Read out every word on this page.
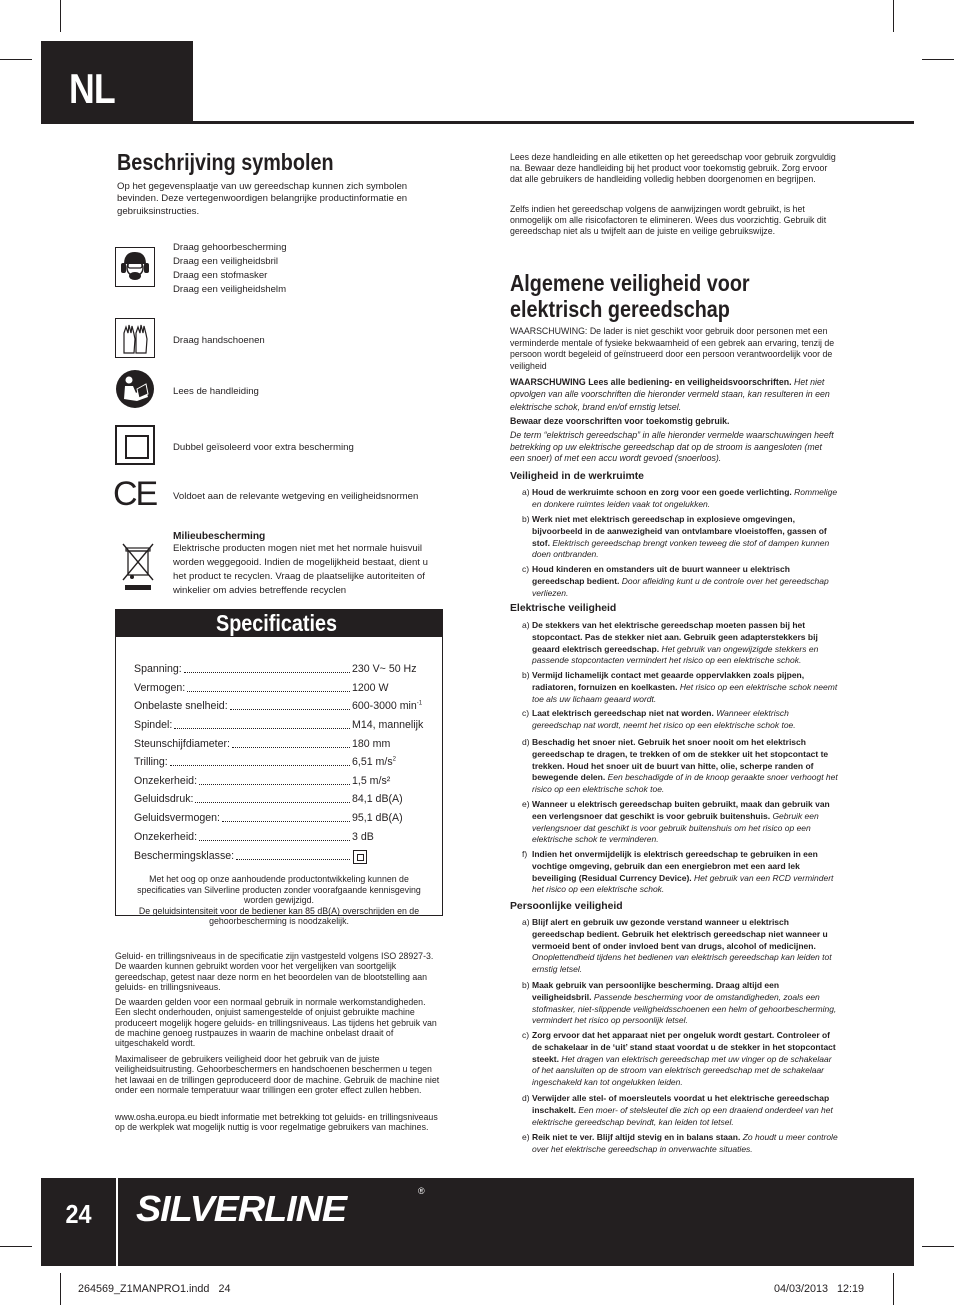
NL
Beschrijving symbolen
Op het gegevensplaatje van uw gereedschap kunnen zich symbolen bevinden. Deze vertegenwoordigen belangrijke productinformatie en gebruiksinstructies.
Draag gehoorbescherming
Draag een veiligheidsbril
Draag een stofmasker
Draag een veiligheidshelm
Draag handschoenen
Lees de handleiding
Dubbel geïsoleerd voor extra bescherming
CE Voldoet aan de relevante wetgeving en veiligheidsnormen
Milieubescherming
Elektrische producten mogen niet met het normale huisvuil worden weggegooid. Indien de mogelijkheid bestaat, dient u het product te recyclen. Vraag de plaatselijke autoriteiten of winkelier om advies betreffende recyclen
Specificaties
Spanning:	230 V~ 50 Hz
Vermogen:	1200 W
Onbelaste snelheid:	600-3000 $\min^{-1}$
Spindel:	M14, mannelijk
Steunschijfdiameter:	180 mm
Trilling:	6,51 $m/s^2$
Onzekerheid:	1,5 m/s²
Geluidsdruk:	84,1 dB(A)
Geluidsvermogen:	95,1 dB(A)
Onzekerheid:	3 dB
Beschermingsklasse:
Met het oog op onze aanhoudende productontwikkeling kunnen de specificaties van Silverline producten zonder voorafgaande kennisgeving worden gewijzigd.
De geluidsintensiteit voor de bediener kan 85 dB(A) overschrijden en de gehoorbescherming is noodzakelijk.
Geluid- en trillingsniveaus in de specificatie zijn vastgesteld volgens ISO 28927-3. De waarden kunnen gebruikt worden voor het vergelijken van soortgelijk gereedschap, getest naar deze norm en het beoordelen van de blootstelling aan geluids- en trillingsniveaus.
De waarden gelden voor een normaal gebruik in normale werkomstandigheden. Een slecht onderhouden, onjuist samengestelde of onjuist gebruikte machine produceert mogelijk hogere geluids- en trillingsniveaus. Las tijdens het gebruik van de machine genoeg rustpauzes in waarin de machine onbelast draait of uitgeschakeld wordt.
Maximaliseer de gebruikers veiligheid door het gebruik van de juiste veiligheidsuitrusting. Gehoorbeschermers en handschoenen beschermen u tegen het lawaai en de trillingen geproduceerd door de machine. Gebruik de machine niet onder een normale temperatuur waar trillingen een groter effect zullen hebben.
www.osha.europa.eu biedt informatie met betrekking tot geluids- en trillingsniveaus op de werkplek wat mogelijk nuttig is voor regelmatige gebruikers van machines.
Lees deze handleiding en alle etiketten op het gereedschap voor gebruik zorgvuldig na. Bewaar deze handleiding bij het product voor toekomstig gebruik. Zorg ervoor dat alle gebruikers de handleiding volledig hebben doorgenomen en begrijpen.
Zelfs indien het gereedschap volgens de aanwijzingen wordt gebruikt, is het onmogelijk om alle risicofactoren te elimineren. Wees dus voorzichtig. Gebruik dit gereedschap niet als u twijfelt aan de juiste en veilige gebruikswijze.
Algemene veiligheid voor elektrisch gereedschap
WAARSCHUWING: De lader is niet geschikt voor gebruik door personen met een verminderde mentale of fysieke bekwaamheid of een gebrek aan ervaring, tenzij de persoon wordt begeleid of geïnstrueerd door een persoon verantwoordelijk voor de veiligheid
WAARSCHUWING Lees alle bediening- en veiligheidsvoorschriften. Het niet opvolgen van alle voorschriften die hieronder vermeld staan, kan resulteren in een elektrische schok, brand en/of ernstig letsel.
Bewaar deze voorschriften voor toekomstig gebruik.
De term “elektrisch gereedschap” in alle hieronder vermelde waarschuwingen heeft betrekking op uw elektrische gereedschap dat op de stroom is aangesloten (met een snoer) of met een accu wordt gevoed (snoerloos).
Veiligheid in de werkruimte
a) Houd de werkruimte schoon en zorg voor een goede verlichting. Rommelige en donkere ruimtes leiden vaak tot ongelukken.
b) Werk niet met elektrisch gereedschap in explosieve omgevingen, bijvoorbeeld in de aanwezigheid van ontvlambare vloeistoffen, gassen of stof. Elektrisch gereedschap brengt vonken teweeg die stof of dampen kunnen doen ontbranden.
c) Houd kinderen en omstanders uit de buurt wanneer u elektrisch gereedschap bedient. Door afleiding kunt u de controle over het gereedschap verliezen.
Elektrische veiligheid
a) De stekkers van het elektrische gereedschap moeten passen bij het stopcontact. Pas de stekker niet aan. Gebruik geen adapterstekkers bij geaard elektrisch gereedschap. Het gebruik van ongewijzigde stekkers en passende stopcontacten vermindert het risico op een elektrische schok.
b) Vermijd lichamelijk contact met geaarde oppervlakken zoals pijpen, radiatoren, fornuizen en koelkasten. Het risico op een elektrische schok neemt toe als uw lichaam geaard wordt.
c) Laat elektrisch gereedschap niet nat worden. Wanneer elektrisch gereedschap nat wordt, neemt het risico op een elektrische schok toe.
d) Beschadig het snoer niet. Gebruik het snoer nooit om het elektrisch gereedschap te dragen, te trekken of om de stekker uit het stopcontact te trekken. Houd het snoer uit de buurt van hitte, olie, scherpe randen of bewegende delen. Een beschadigde of in de knoop geraakte snoer verhoogt het risico op een elektrische schok toe.
e) Wanneer u elektrisch gereedschap buiten gebruikt, maak dan gebruik van een verlengsnoer dat geschikt is voor gebruik buitenshuis. Gebruik een verlengsnoer dat geschikt is voor gebruik buitenshuis om het risico op een elektrische schok te verminderen.
f) Indien het onvermijdelijk is elektrisch gereedschap te gebruiken in een vochtige omgeving, gebruik dan een energiebron met een aard lek beveiliging (Residual Currency Device). Het gebruik van een RCD vermindert het risico op een elektrische schok.
Persoonlijke veiligheid
a) Blijf alert en gebruik uw gezonde verstand wanneer u elektrisch gereedschap bedient. Gebruik het elektrisch gereedschap niet wanneer u vermoeid bent of onder invloed bent van drugs, alcohol of medicijnen. Onoplettendheid tijdens het bedienen van elektrisch gereedschap kan leiden tot ernstig letsel.
b) Maak gebruik van persoonlijke bescherming. Draag altijd een veiligheidsbril. Passende bescherming voor de omstandigheden, zoals een stofmasker, niet-slippende veiligheidsschoenen een helm of gehoorbescherming, vermindert het risico op persoonlijk letsel.
c) Zorg ervoor dat het apparaat niet per ongeluk wordt gestart. Controleer of de schakelaar in de ‘uit’ stand staat voordat u de stekker in het stopcontact steekt. Het dragen van elektrisch gereedschap met uw vinger op de schakelaar of het aansluiten op de stroom van elektrisch gereedschap met de schakelaar ingeschakeld kan tot ongelukken leiden.
d) Verwijder alle stel- of moersleutels voordat u het elektrische gereedschap inschakelt. Een moer- of stelsleutel die zich op een draaiend onderdeel van het elektrische gereedschap bevindt, kan leiden tot letsel.
e) Reik niet te ver. Blijf altijd stevig en in balans staan. Zo houdt u meer controle over het elektrische gereedschap in onverwachte situaties.
24	SILVERLINE	®
264569_Z1MANPRO1.indd   24	04/03/2013   12:19
